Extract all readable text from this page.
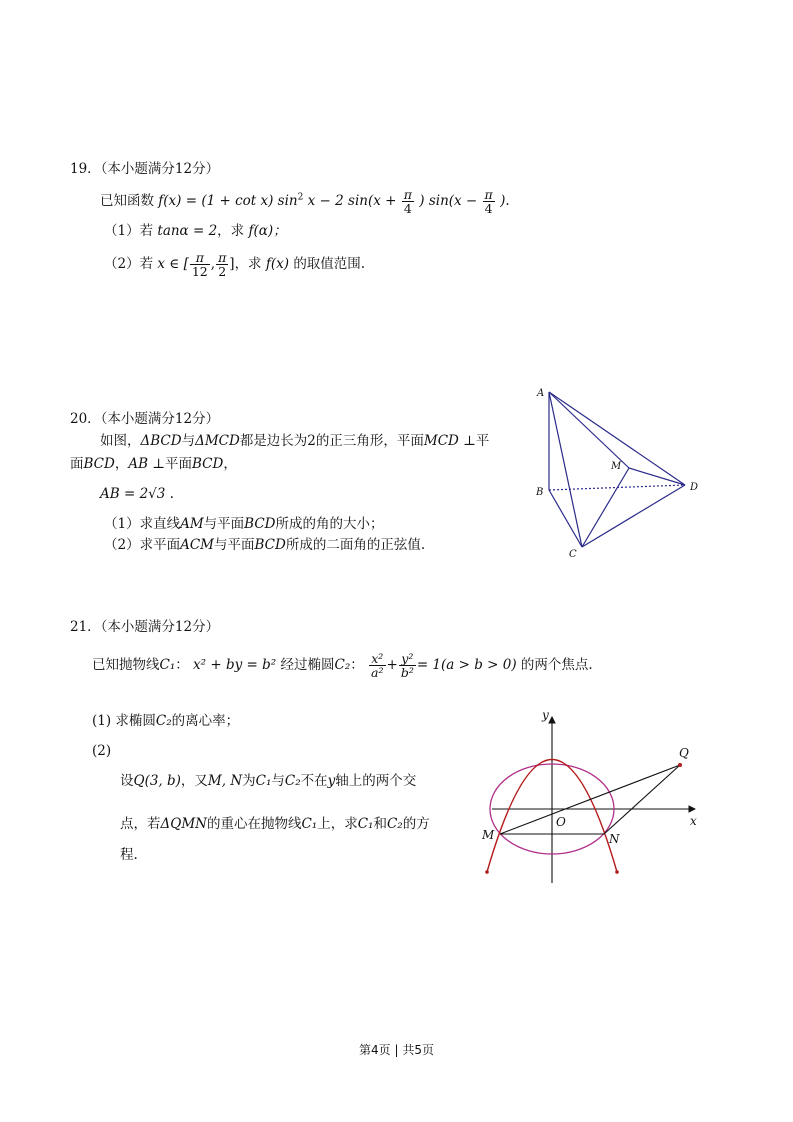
19．（本小题满分12分）
已知函数 f(x) = (1 + cot x) $\sin^2 x - 2$ $\sin(x + \frac{\pi}{4}$ ) $\sin(x - \frac{\pi}{4}$ ).
（1）若 tanα = 2，求 f(α)；
（2）若 x ∈ [ $\frac{\pi}{12}$ , $\frac{\pi}{2}$ ]，求 f(x) 的取值范围.
20．（本小题满分12分）
如图，ΔBCD与ΔMCD都是边长为2的正三角形，平面MCD ⊥平
面BCD，AB ⊥平面BCD，
AB = 2√3 .
（1）求直线AM与平面BCD所成的角的大小；
（2）求平面ACM与平面BCD所成的二面角的正弦值.
A
B
C
D
M
21．（本小题满分12分）
已知抛物线C₁： x² + by = b² 经过椭圆C₂： $\frac{\text{x²}}{\text{a²}} + \frac{\text{y²}}{\text{b²}} = 1(a > b > 0)$ 的两个焦点.
(1) 求椭圆C₂的离心率；
(2)
设Q(3, b)，又M, N为C₁与C₂不在y轴上的两个交
点，若ΔQMN的重心在抛物线C₁上，求C₁和C₂的方
程.
y
x
Q
O
M	N
第4页 | 共5页
